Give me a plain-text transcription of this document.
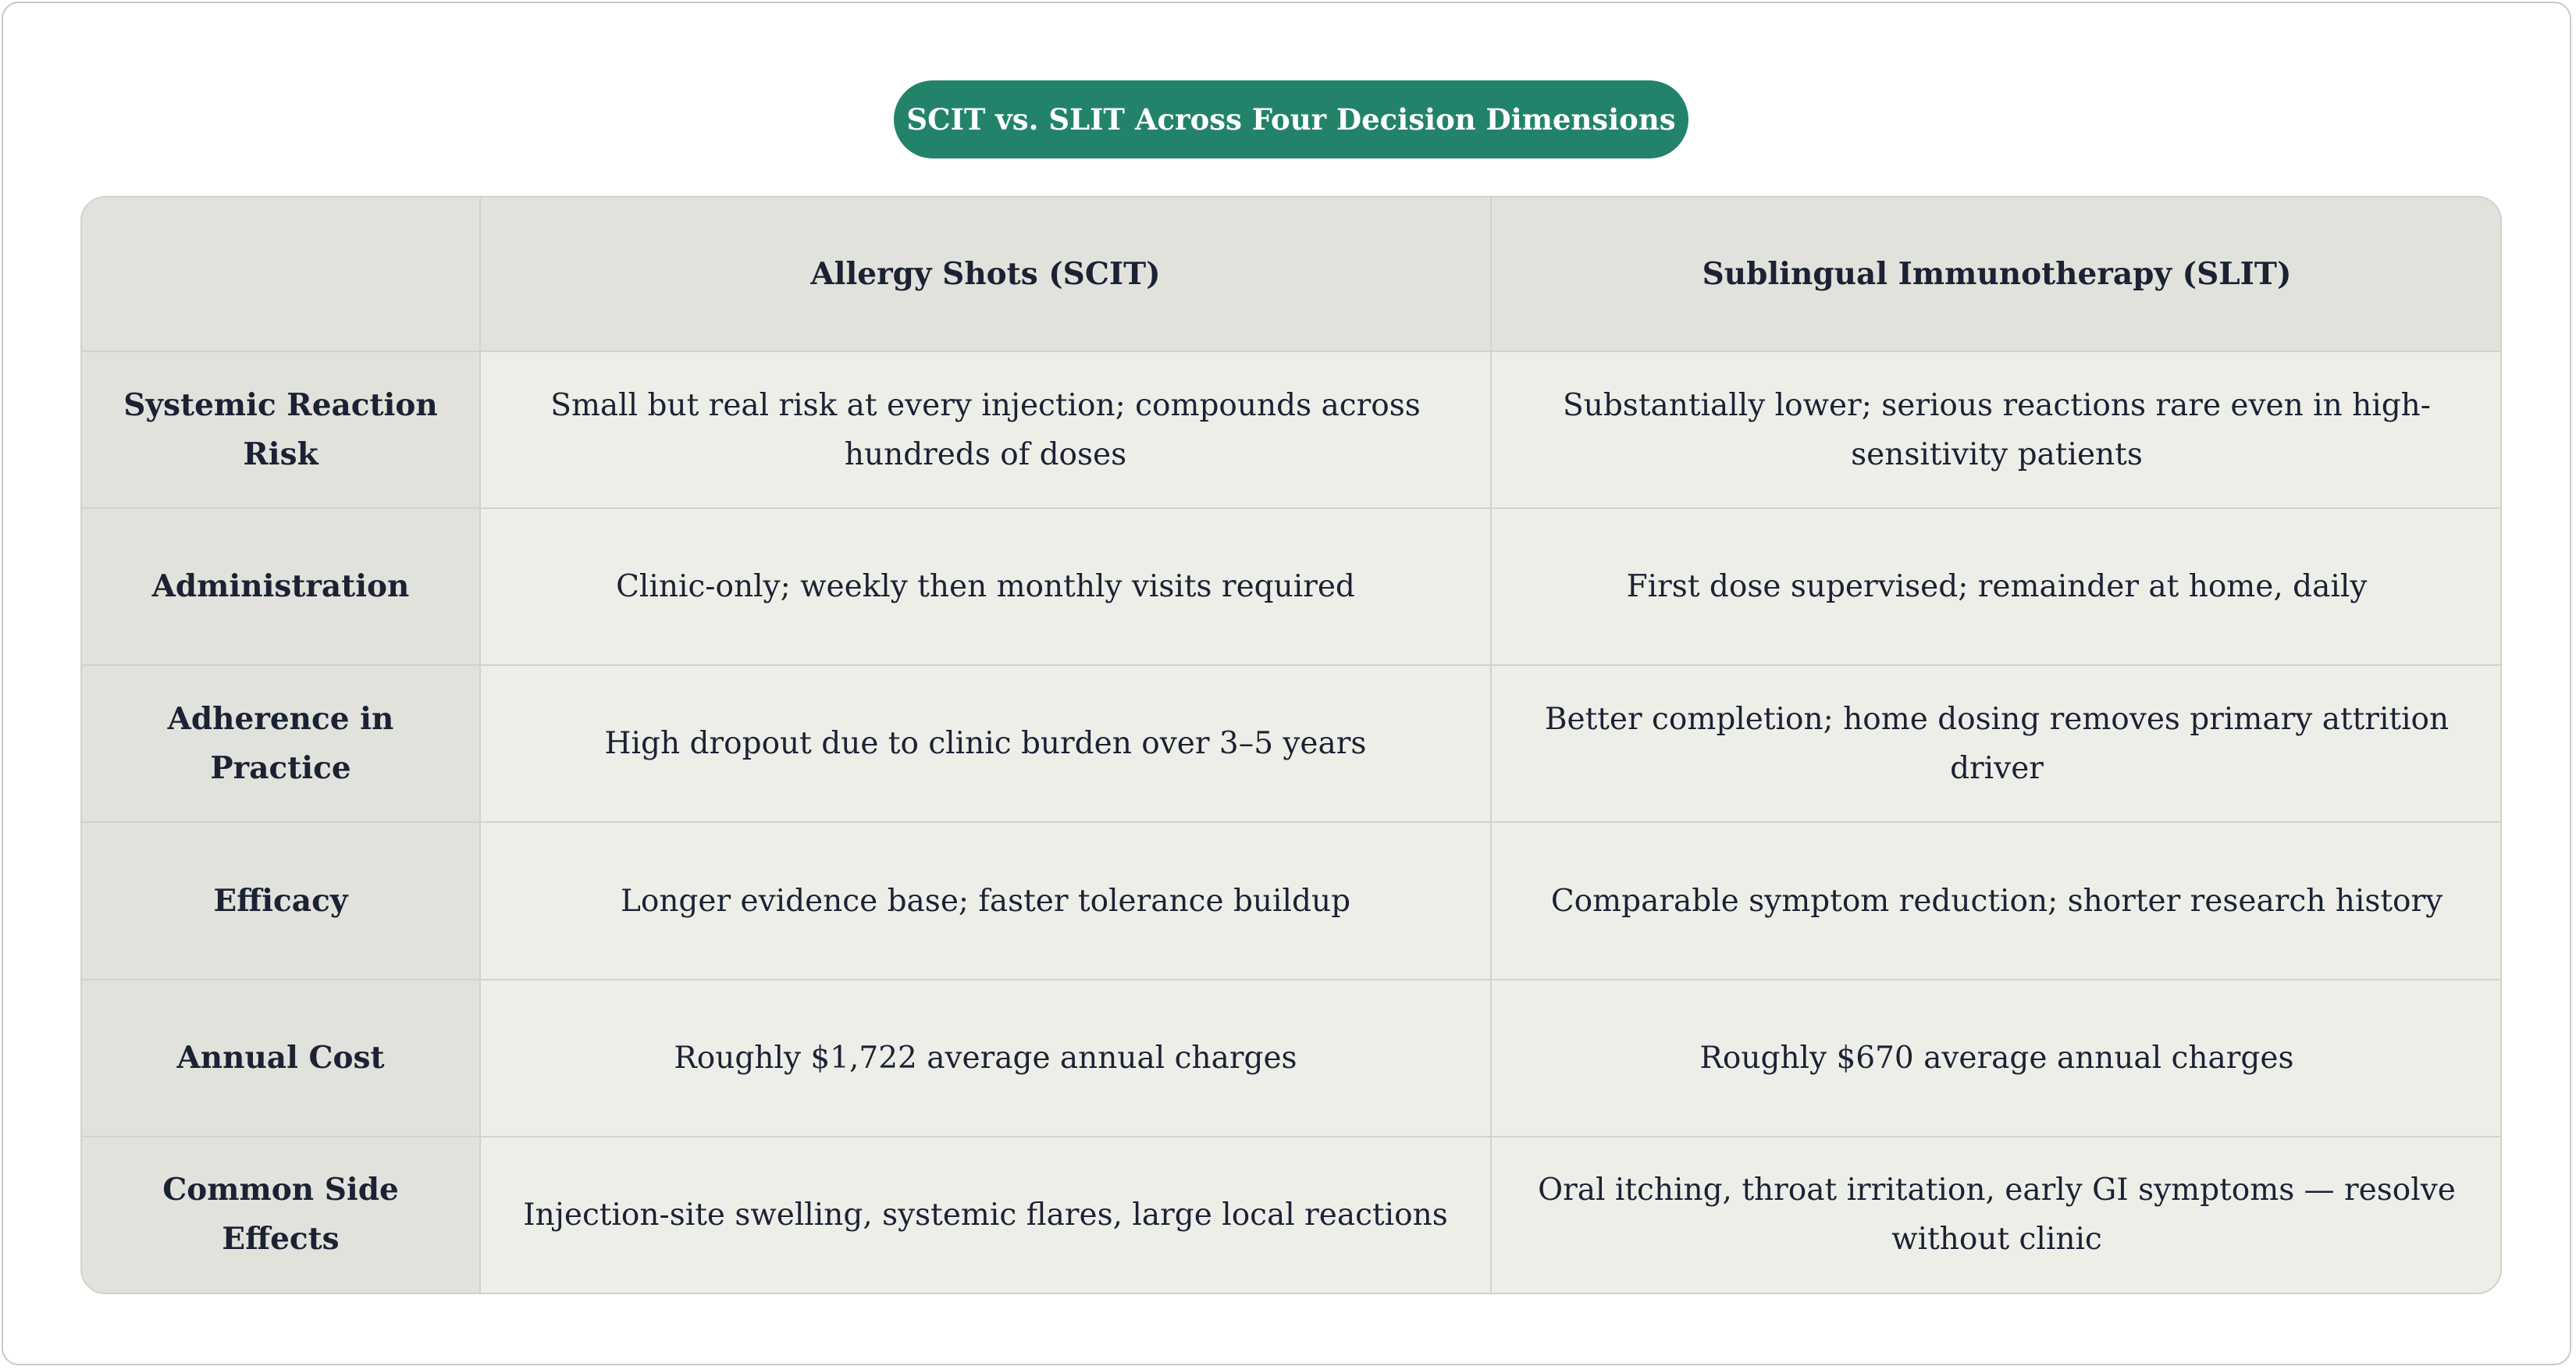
SCIT vs. SLIT Across Four Decision Dimensions
	Allergy Shots (SCIT)	Sublingual Immunotherapy (SLIT)
Systemic Reaction Risk	Small but real risk at every injection; compounds across hundreds of doses	Substantially lower; serious reactions rare even in high-sensitivity patients
Administration	Clinic-only; weekly then monthly visits required	First dose supervised; remainder at home, daily
Adherence in Practice	High dropout due to clinic burden over 3–5 years	Better completion; home dosing removes primary attrition driver
Efficacy	Longer evidence base; faster tolerance buildup	Comparable symptom reduction; shorter research history
Annual Cost	Roughly $1,722 average annual charges	Roughly $670 average annual charges
Common Side Effects	Injection-site swelling, systemic flares, large local reactions	Oral itching, throat irritation, early GI symptoms — resolve without clinic
